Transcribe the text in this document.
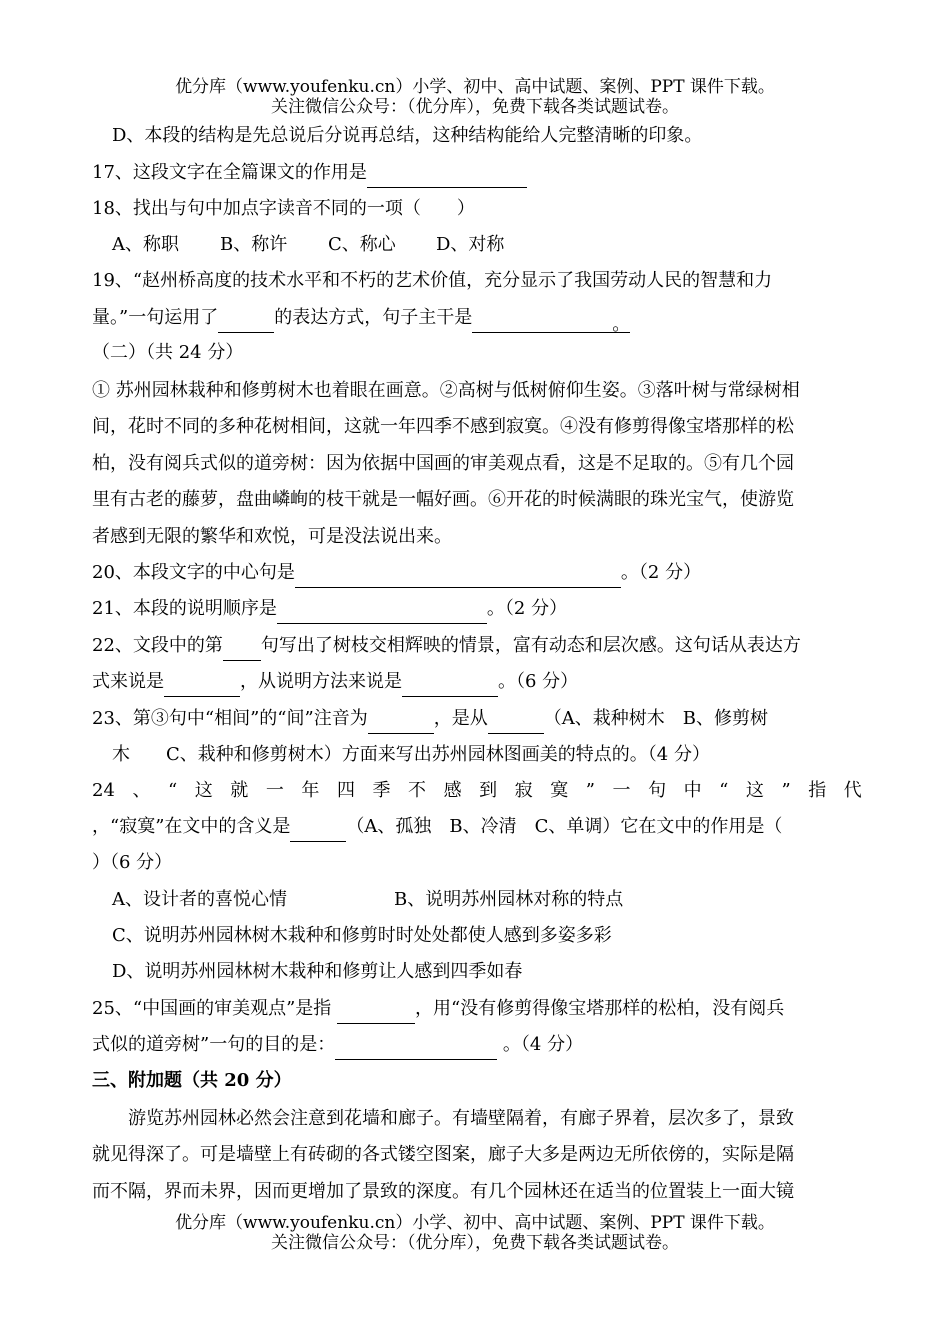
优分库（www.youfenku.cn）小学、初中、高中试题、案例、PPT 课件下载。
关注微信公众号：（优分库），免费下载各类试题试卷。
D、本段的结构是先总说后分说再总结，这种结构能给人完整清晰的印象。
17、这段文字在全篇课文的作用是
18、找出与句中加点字读音不同的一项（　　）
A、称职 B、称许 C、称心 D、对称
19、“赵州桥高度的技术水平和不朽的艺术价值，充分显示了我国劳动人民的智慧和力
量。”一句运用了	的表达方式，句子主干是	。
（二）（共 24 分）
① 苏州园林栽种和修剪树木也着眼在画意。②高树与低树俯仰生姿。③落叶树与常绿树相
间，花时不同的多种花树相间，这就一年四季不感到寂寞。④没有修剪得像宝塔那样的松
柏，没有阅兵式似的道旁树：因为依据中国画的审美观点看，这是不足取的。⑤有几个园
里有古老的藤萝，盘曲嶙峋的枝干就是一幅好画。⑥开花的时候满眼的珠光宝气，使游览
者感到无限的繁华和欢悦，可是没法说出来。
20、本段文字的中心句是	。（2 分）
21、本段的说明顺序是	。（2 分）
22、文段中的第 句写出了树枝交相辉映的情景，富有动态和层次感。这句话从表达方
式来说是	，从说明方法来说是	。（6 分）
23、第③句中“相间”的“间”注音为	，是从	（A、栽种树木　B、修剪树
木　　C、栽种和修剪树木）方面来写出苏州园林图画美的特点的。（4 分）
24 、 “ 这 就 一 年 四 季 不 感 到 寂 寞 ” 一 句 中 “ 这 ” 指 代
，“寂寞”在文中的含义是	（A、孤独　B、冷清　C、单调）它在文中的作用是（
）（6 分）
A、设计者的喜悦心情	B、说明苏州园林对称的特点
C、说明苏州园林树木栽种和修剪时时处处都使人感到多姿多彩
D、说明苏州园林树木栽种和修剪让人感到四季如春
25、“中国画的审美观点”是指	，用“没有修剪得像宝塔那样的松柏，没有阅兵
式似的道旁树”一句的目的是：	。（4 分）
三、附加题（共 20 分）
　　游览苏州园林必然会注意到花墙和廊子。有墙壁隔着，有廊子界着，层次多了，景致
就见得深了。可是墙壁上有砖砌的各式镂空图案，廊子大多是两边无所依傍的，实际是隔
而不隔，界而未界，因而更增加了景致的深度。有几个园林还在适当的位置装上一面大镜
优分库（www.youfenku.cn）小学、初中、高中试题、案例、PPT 课件下载。
关注微信公众号：（优分库），免费下载各类试题试卷。
